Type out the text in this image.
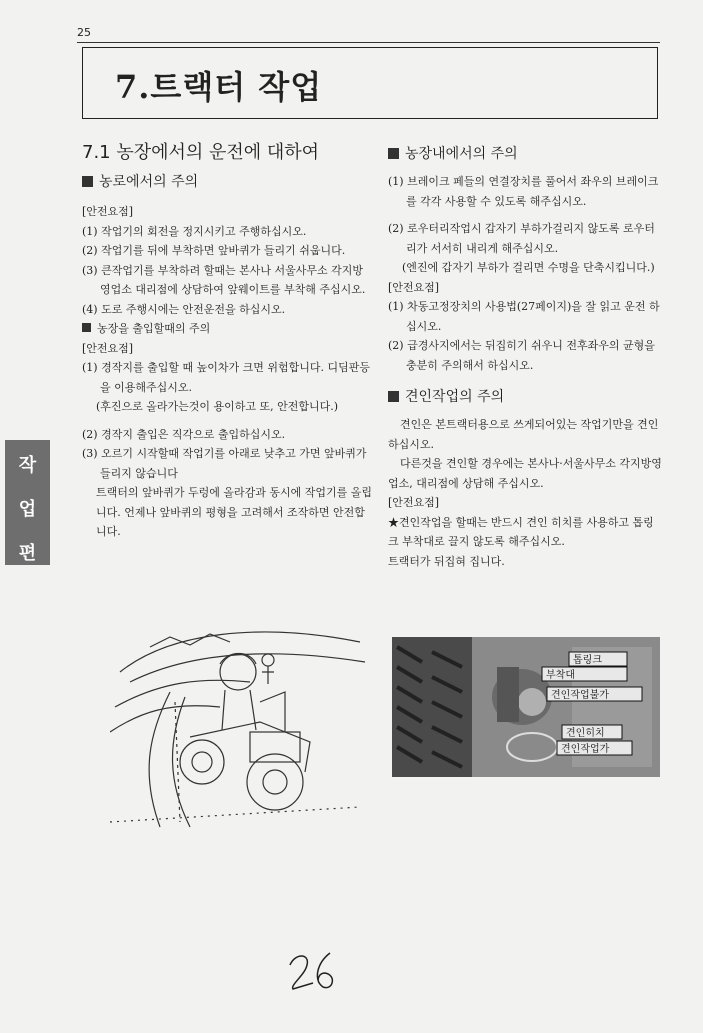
25
7.트랙터 작업
작
업
편
7.1 농장에서의 운전에 대하여
농로에서의 주의

[안전요점]

(1) 작업기의 회전을 정지시키고 주행하십시오.

(2) 작업기를 뒤에 부착하면 앞바퀴가 들리기 쉬웁니다.

(3) 큰작업기를 부착하려 할때는 본사나 서울사무소 각지방 영업소 대리점에 상담하여 앞웨이트를 부착해 주십시오.

(4) 도로 주행시에는 안전운전을 하십시오.

농장을 출입할때의 주의

[안전요점]

(1) 경작지를 출입할 때 높이차가 크면 위험합니다. 디딤판등을 이용해주십시오.

(후진으로 올라가는것이 용이하고 또, 안전합니다.)

(2) 경작지 출입은 직각으로 출입하십시오.

(3) 오르기 시작할때 작업기를 아래로 낮추고 가면 앞바퀴가 들리지 않습니다

트랙터의 앞바퀴가 두렁에 올라감과 동시에 작업기를 올립니다. 언제나 앞바퀴의 평형을 고려해서 조작하면 안전합니다.

농장내에서의 주의

(1) 브레이크 페들의 연결장치를 풀어서 좌우의 브레이크를 각각 사용할 수 있도록 해주십시오.

(2) 로우터리작업시 갑자기 부하가걸리지 않도록 로우터리가 서서히 내리게 해주십시오.

(엔진에 갑자기 부하가 걸리면 수명을 단축시킵니다.)

[안전요점]

(1) 차동고정장치의 사용법(27페이지)을 잘 읽고 운전 하십시오.

(2) 급경사지에서는 뒤집히기 쉬우니 전후좌우의 균형을 충분히 주의해서 하십시오.

견인작업의 주의

견인은 본트랙터용으로 쓰게되어있는 작업기만을 견인하십시오.

다른것을 견인할 경우에는 본사나·서울사무소 각지방영업소, 대리점에 상담해 주십시오.

[안전요점]

★견인작업을 할때는 반드시 견인 히치를 사용하고 톱링크 부착대로 끌지 않도록 해주십시오.

트랙터가 뒤집혀 집니다.

톱링크
부착대
견인작업불가
견인히치
견인작업가
